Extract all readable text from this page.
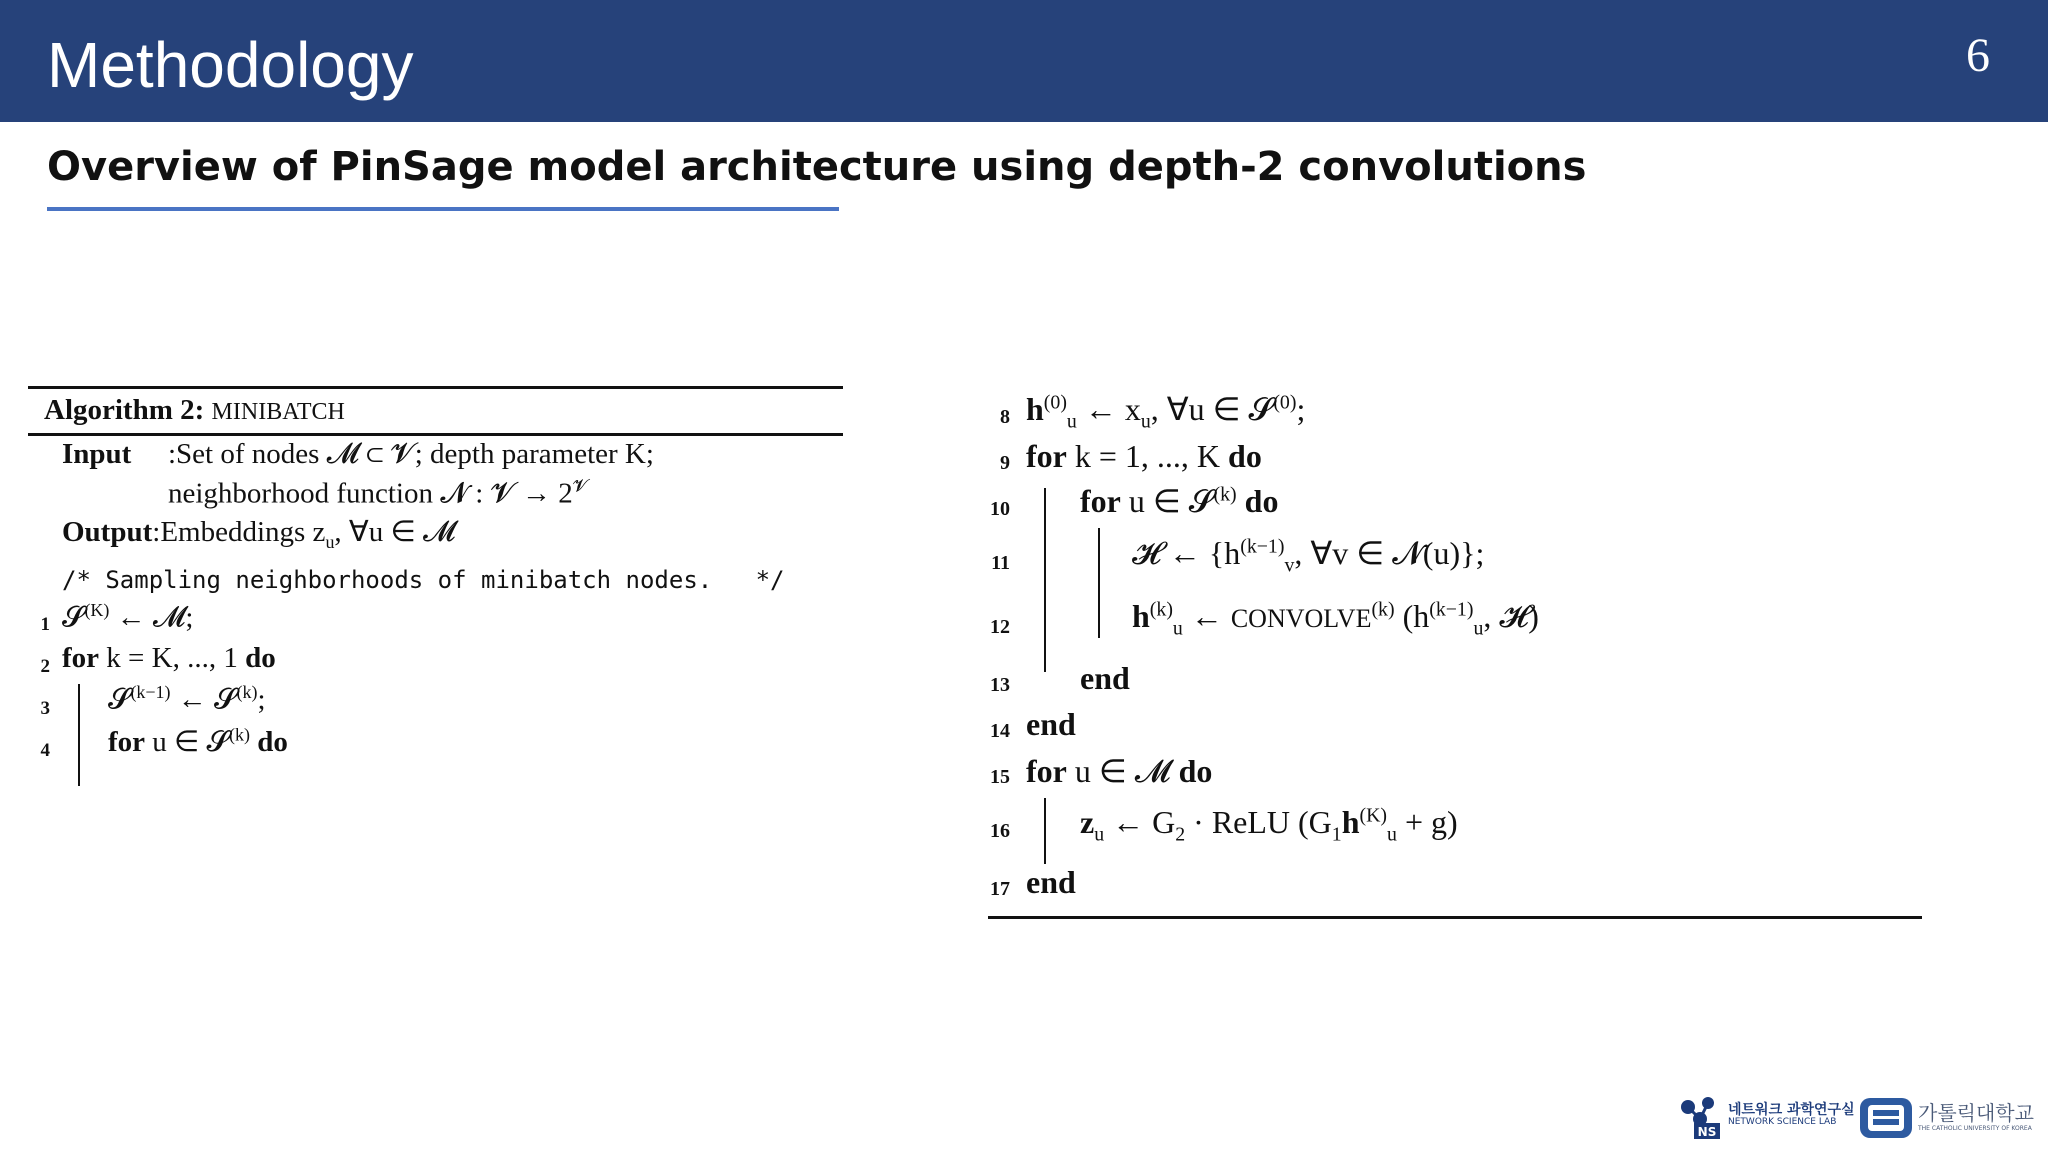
Methodology	6
Overview of PinSage model architecture using depth-2 convolutions
Algorithm 2: MINIBATCH
Input :Set of nodes 𝓜 ⊂ 𝓥; depth parameter K;
neighborhood function 𝓝 : 𝓥 → $2^𝓥$
Output:Embeddings $z_u$, ∀u ∈ 𝓜
/* Sampling neighborhoods of minibatch nodes.   */
1 𝓢$^{(K)}$ ← 𝓜;
2 for k = K, ..., 1 do
3 𝓢$^{(k-1)}$ ← 𝓢$^{(k)}$;
4 for u ∈ 𝓢$^{(k)}$ do
8 $h^{(0)}_u$ ← $x_u$, ∀u ∈ 𝓢$^{(0)}$;
9 for k = 1, ..., K do
10 for u ∈ 𝓢$^{(k)}$ do
11	𝓗 ← {$h^{(k-1)}_v$, ∀v ∈ 𝓝(u)};
12	$h^{(k)}_u$ ← CONVOLVE$^{(k)}$ ($h^{(k-1)}_u$, 𝓗)
13 end
14 end
15 for u ∈ 𝓜 do
16 $z_u$ ← $G_2$ · ReLU $(G_1h^{(K)}_u + g)$
17 end
NS
네트워크 과학연구실
NETWORK SCIENCE LAB	가톨릭대학교
THE CATHOLIC UNIVERSITY OF KOREA
